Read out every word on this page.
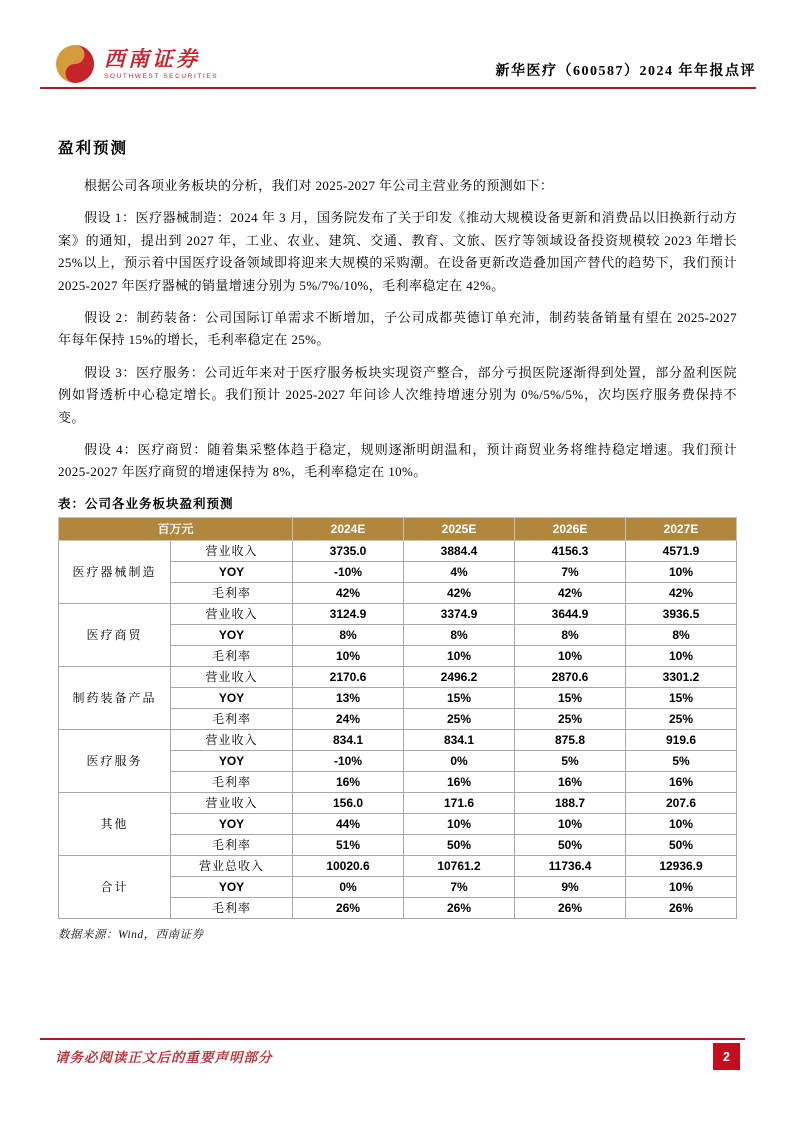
西南证券
SOUTHWEST SECURITIES	新华医疗（600587）2024 年年报点评
盈利预测

根据公司各项业务板块的分析，我们对 2025-2027 年公司主营业务的预测如下：

假设 1：医疗器械制造：2024 年 3 月，国务院发布了关于印发《推动大规模设备更新和消费品以旧换新行动方案》的通知，提出到 2027 年，工业、农业、建筑、交通、教育、文旅、医疗等领域设备投资规模较 2023 年增长 25%以上，预示着中国医疗设备领域即将迎来大规模的采购潮。在设备更新改造叠加国产替代的趋势下，我们预计 2025-2027 年医疗器械的销量增速分别为 5%/7%/10%，毛利率稳定在 42%。

假设 2：制药装备：公司国际订单需求不断增加，子公司成都英德订单充沛，制药装备销量有望在 2025-2027 年每年保持 15%的增长，毛利率稳定在 25%。

假设 3：医疗服务：公司近年来对于医疗服务板块实现资产整合，部分亏损医院逐渐得到处置，部分盈利医院例如肾透析中心稳定增长。我们预计 2025-2027 年问诊人次维持增速分别为 0%/5%/5%，次均医疗服务费保持不变。

假设 4：医疗商贸：随着集采整体趋于稳定，规则逐渐明朗温和，预计商贸业务将维持稳定增速。我们预计 2025-2027 年医疗商贸的增速保持为 8%，毛利率稳定在 10%。

表：公司各业务板块盈利预测
百万元		2024E	2025E	2026E	2027E
医疗器械制造	营业收入	3735.0	3884.4	4156.3	4571.9
	YOY	-10%	4%	7%	10%
	毛利率	42%	42%	42%	42%
医疗商贸	营业收入	3124.9	3374.9	3644.9	3936.5
	YOY	8%	8%	8%	8%
	毛利率	10%	10%	10%	10%
制药装备产品	营业收入	2170.6	2496.2	2870.6	3301.2
	YOY	13%	15%	15%	15%
	毛利率	24%	25%	25%	25%
医疗服务	营业收入	834.1	834.1	875.8	919.6
	YOY	-10%	0%	5%	5%
	毛利率	16%	16%	16%	16%
其他	营业收入	156.0	171.6	188.7	207.6
	YOY	44%	10%	10%	10%
	毛利率	51%	50%	50%	50%
合计	营业总收入	10020.6	10761.2	11736.4	12936.9
	YOY	0%	7%	9%	10%
	毛利率	26%	26%	26%	26%
数据来源：Wind，西南证券
请务必阅读正文后的重要声明部分	2
